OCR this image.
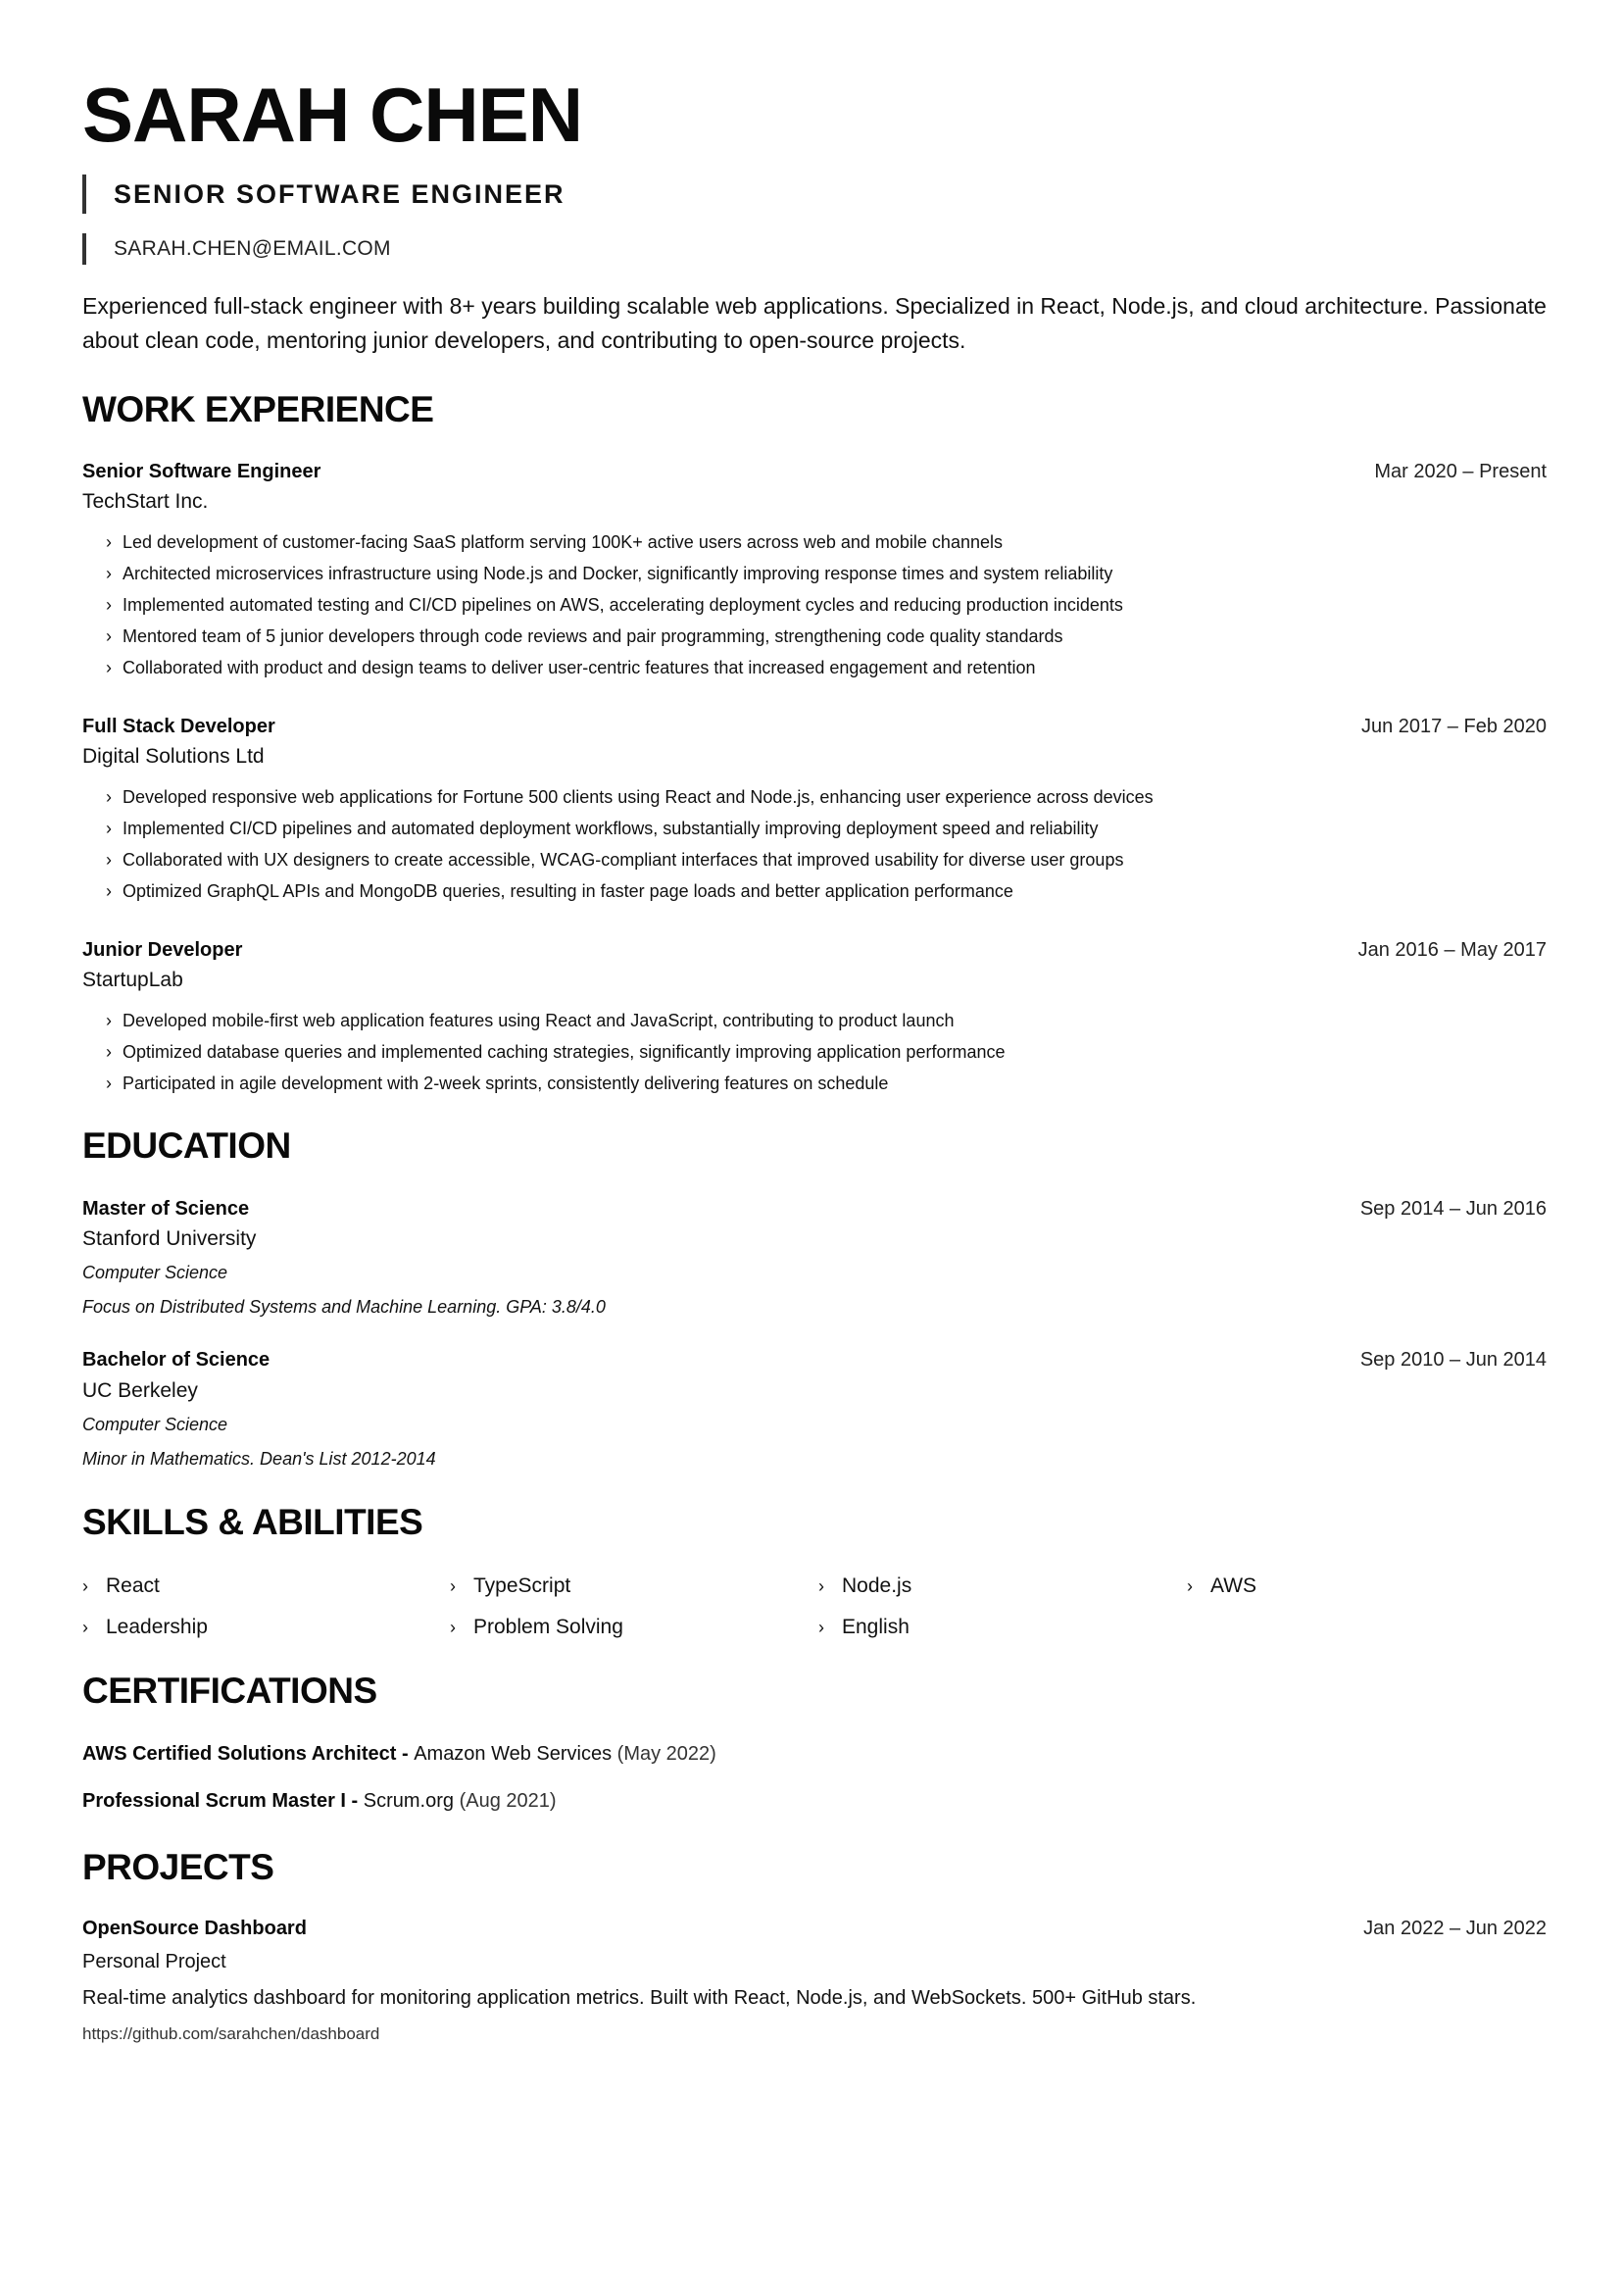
SARAH CHEN
SENIOR SOFTWARE ENGINEER
SARAH.CHEN@EMAIL.COM

Experienced full-stack engineer with 8+ years building scalable web applications. Specialized in React, Node.js, and cloud architecture. Passionate about clean code, mentoring junior developers, and contributing to open-source projects.

WORK EXPERIENCE
Senior Software Engineer	Mar 2020 – Present
TechStart Inc.
› Led development of customer-facing SaaS platform serving 100K+ active users across web and mobile channels
› Architected microservices infrastructure using Node.js and Docker, significantly improving response times and system reliability
› Implemented automated testing and CI/CD pipelines on AWS, accelerating deployment cycles and reducing production incidents
› Mentored team of 5 junior developers through code reviews and pair programming, strengthening code quality standards
› Collaborated with product and design teams to deliver user-centric features that increased engagement and retention
Full Stack Developer	Jun 2017 – Feb 2020
Digital Solutions Ltd
› Developed responsive web applications for Fortune 500 clients using React and Node.js, enhancing user experience across devices
› Implemented CI/CD pipelines and automated deployment workflows, substantially improving deployment speed and reliability
› Collaborated with UX designers to create accessible, WCAG-compliant interfaces that improved usability for diverse user groups
› Optimized GraphQL APIs and MongoDB queries, resulting in faster page loads and better application performance
Junior Developer	Jan 2016 – May 2017
StartupLab
› Developed mobile-first web application features using React and JavaScript, contributing to product launch
› Optimized database queries and implemented caching strategies, significantly improving application performance
› Participated in agile development with 2-week sprints, consistently delivering features on schedule
EDUCATION
Master of Science	Sep 2014 – Jun 2016
Stanford University
Computer Science
Focus on Distributed Systems and Machine Learning. GPA: 3.8/4.0
Bachelor of Science	Sep 2010 – Jun 2014
UC Berkeley
Computer Science
Minor in Mathematics. Dean's List 2012-2014
SKILLS & ABILITIES
› React	› TypeScript	› Node.js	› AWS
› Leadership	› Problem Solving	› English
CERTIFICATIONS
AWS Certified Solutions Architect - Amazon Web Services (May 2022)
Professional Scrum Master I - Scrum.org (Aug 2021)
PROJECTS
OpenSource Dashboard	Jan 2022 – Jun 2022
Personal Project
Real-time analytics dashboard for monitoring application metrics. Built with React, Node.js, and WebSockets. 500+ GitHub stars.
https://github.com/sarahchen/dashboard
